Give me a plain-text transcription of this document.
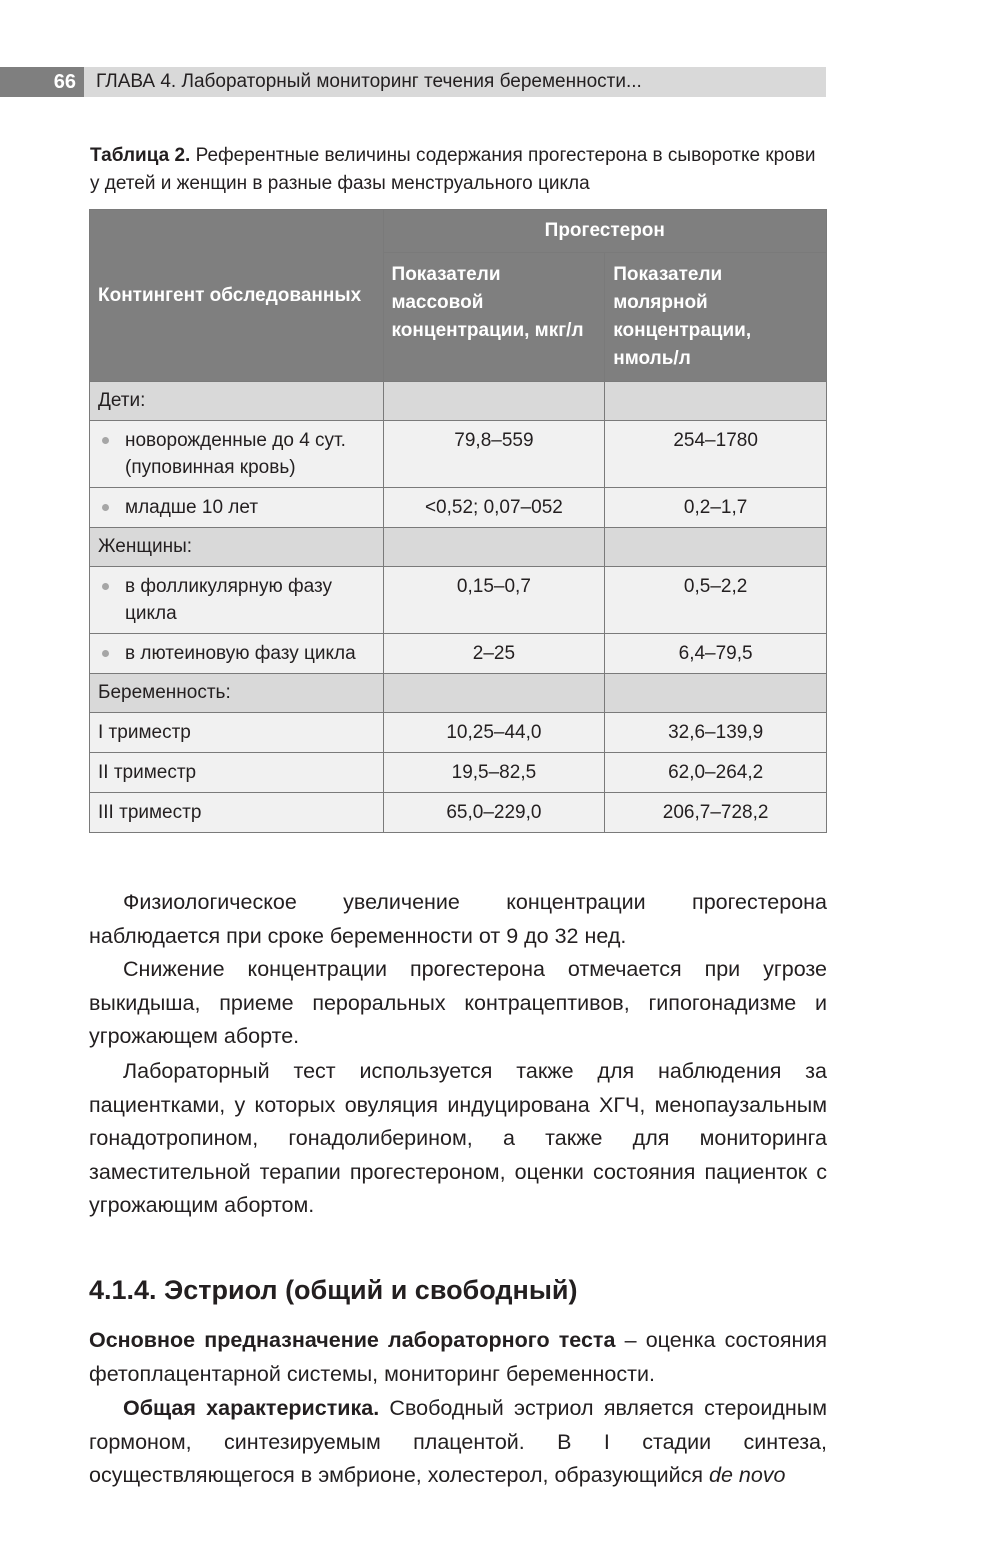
66	ГЛАВА 4. Лабораторный мониторинг течения беременности...
Таблица 2. Референтные величины содержания прогестерона в сыворотке крови у детей и женщин в разные фазы менструального цикла
Контингент обследованных	Прогестерон	
	Показатели массовой концентрации, мкг/л	Показатели молярной концентрации, нмоль/л
Дети:		

новорожденные до 4 сут. (пуповинная кровь)	79,8–559	254–1780

младше 10 лет	<0,52; 0,07–052	0,2–1,7
Женщины:		

в фолликулярную фазу цикла	0,15–0,7	0,5–2,2

в лютеиновую фазу цикла	2–25	6,4–79,5
Беременность:		
I триместр	10,25–44,0	32,6–139,9
II триместр	19,5–82,5	62,0–264,2
III триместр	65,0–229,0	206,7–728,2

Физиологическое увеличение концентрации прогестерона наблюдается при сроке беременности от 9 до 32 нед.

Снижение концентрации прогестерона отмечается при угрозе выкидыша, приеме пероральных контрацептивов, гипогонадизме и угрожающем аборте.

Лабораторный тест используется также для наблюдения за пациентками, у которых овуляция индуцирована ХГЧ, менопаузальным гонадотропином, гонадолиберином, а также для мониторинга заместительной терапии прогестероном, оценки состояния пациенток с угрожающим абортом.

4.1.4. Эстриол (общий и свободный)

Основное предназначение лабораторного теста – оценка состояния фетоплацентарной системы, мониторинг беременности.

Общая характеристика. Свободный эстриол является стероидным гормоном, синтезируемым плацентой. В I стадии синтеза, осуществляющегося в эмбрионе, холестерол, образующийся de novo
